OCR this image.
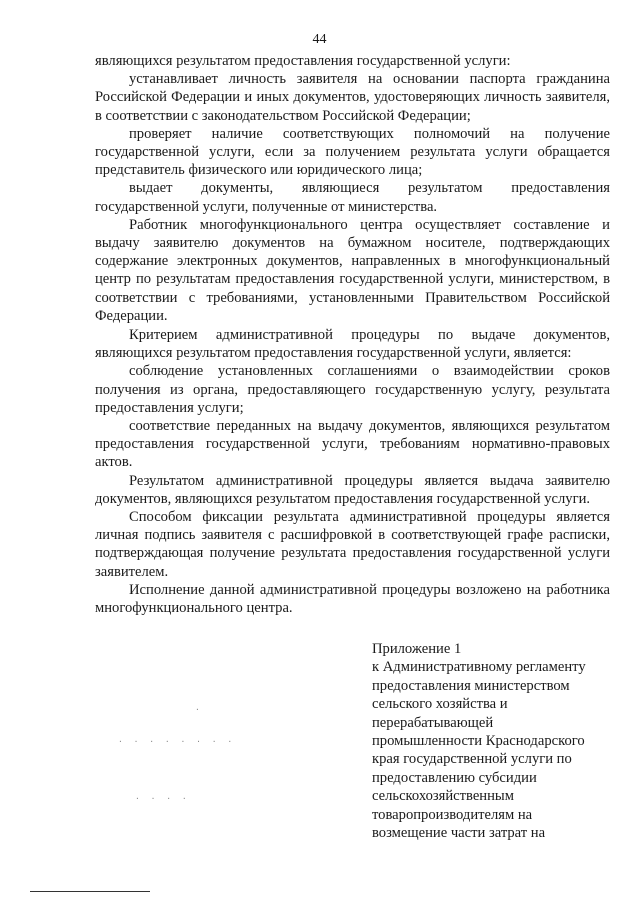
44

являющихся результатом предоставления государственной услуги:

устанавливает личность заявителя на основании паспорта гражданина Российской Федерации и иных документов, удостоверяющих личность заявителя, в соответствии с законодательством Российской Федерации;

проверяет наличие соответствующих полномочий на получение государственной услуги, если за получением результата услуги обращается представитель физического или юридического лица;

выдает документы, являющиеся результатом предоставления государственной услуги, полученные от министерства.

Работник многофункционального центра осуществляет составление и выдачу заявителю документов на бумажном носителе, подтверждающих содержание электронных документов, направленных в многофункциональный центр по результатам предоставления государственной услуги, министерством, в соответствии с требованиями, установленными Правительством Российской Федерации.

Критерием административной процедуры по выдаче документов, являющихся результатом предоставления государственной услуги, является:

соблюдение установленных соглашениями о взаимодействии сроков получения из органа, предоставляющего государственную услугу, результата предоставления услуги;

соответствие переданных на выдачу документов, являющихся результатом предоставления государственной услуги, требованиям нормативно-правовых актов.

Результатом административной процедуры является выдача заявителю документов, являющихся результатом предоставления государственной услуги.

Способом фиксации результата административной процедуры является личная подпись заявителя с расшифровкой в соответствующей графе расписки, подтверждающая получение результата предоставления государственной услуги заявителем.

Исполнение данной административной процедуры возложено на работника многофункционального центра.

Приложение 1
к Административному регламенту
предоставления министерством
сельского хозяйства и
перерабатывающей
промышленности Краснодарского
края государственной услуги по
предоставлению субсидии
сельскохозяйственным
товаропроизводителям на
возмещение части затрат на
·
· · · · · · · ·
· · · ·
